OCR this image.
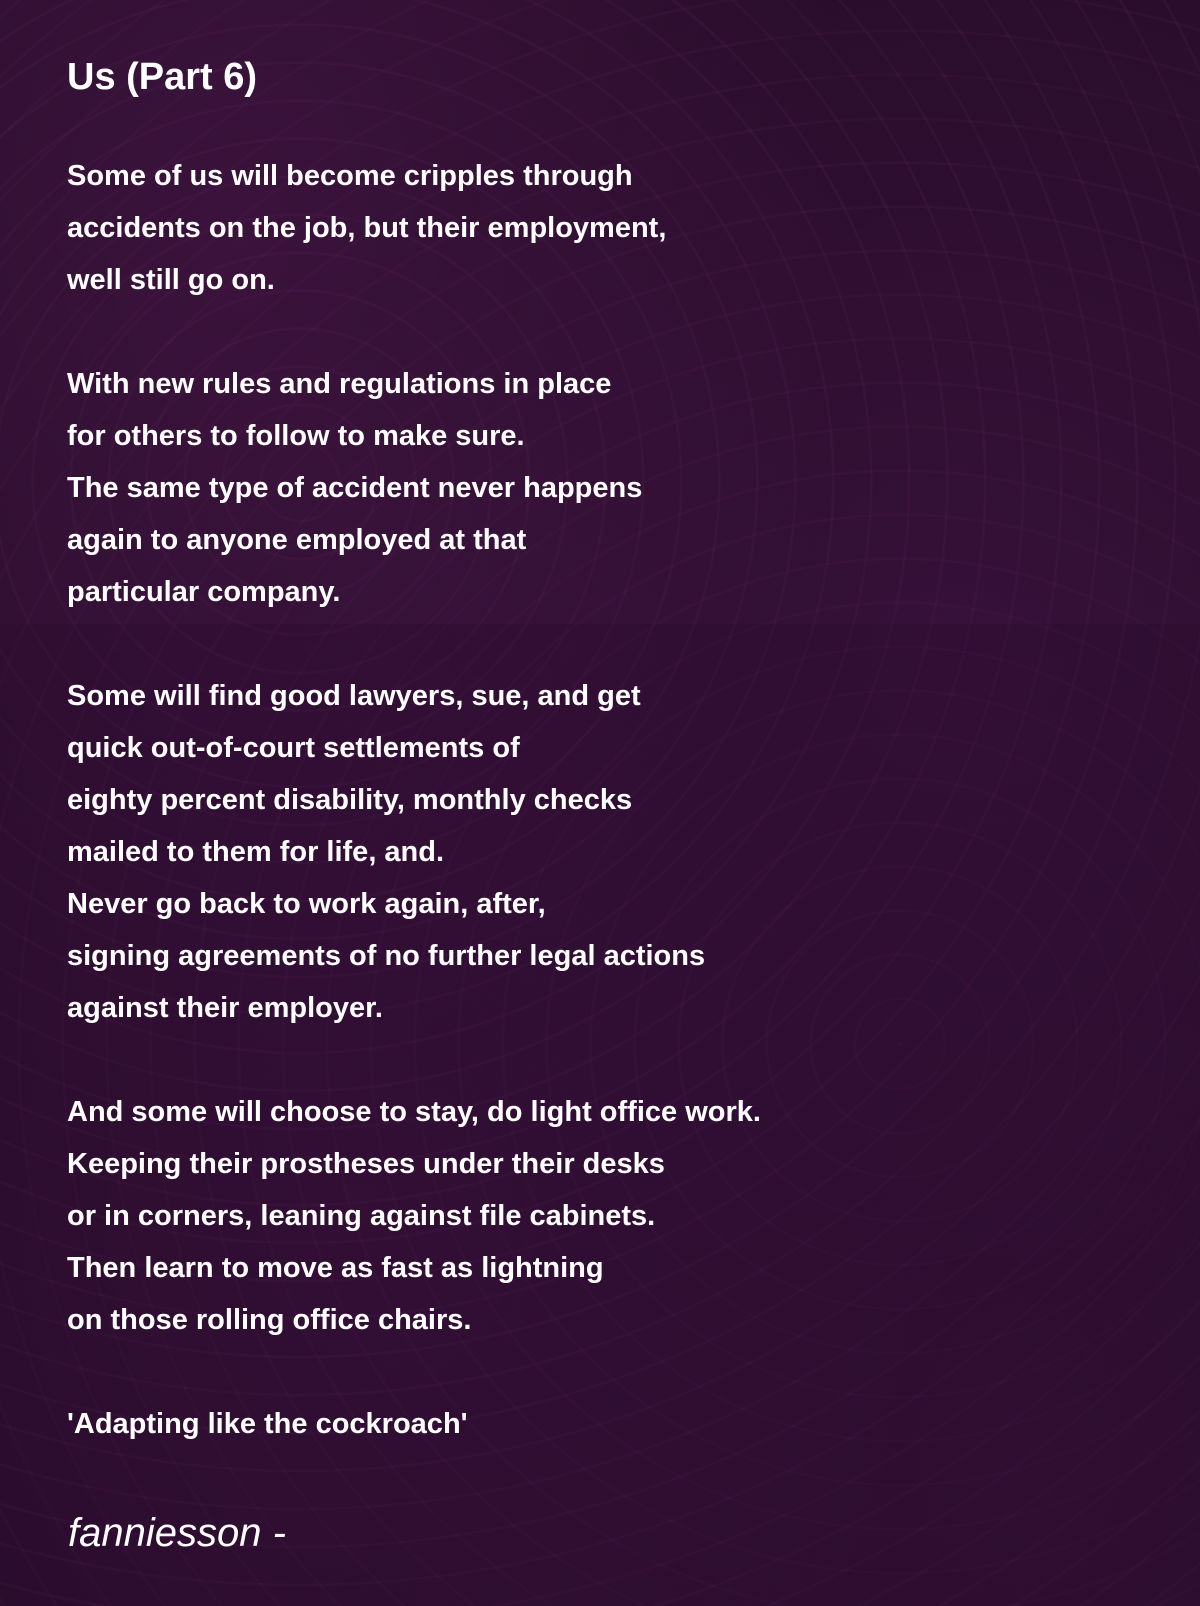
Us (Part 6)
Some of us will become cripples through
accidents on the job, but their employment,
well still go on.
With new rules and regulations in place
for others to follow to make sure.
The same type of accident never happens
again to anyone employed at that
particular company.
Some will find good lawyers, sue, and get
quick out-of-court settlements of
eighty percent disability, monthly checks
mailed to them for life, and.
Never go back to work again, after,
signing agreements of no further legal actions
against their employer.
And some will choose to stay, do light office work.
Keeping their prostheses under their desks
or in corners, leaning against file cabinets.
Then learn to move as fast as lightning
on those rolling office chairs.
'Adapting like the cockroach'
fanniesson -
